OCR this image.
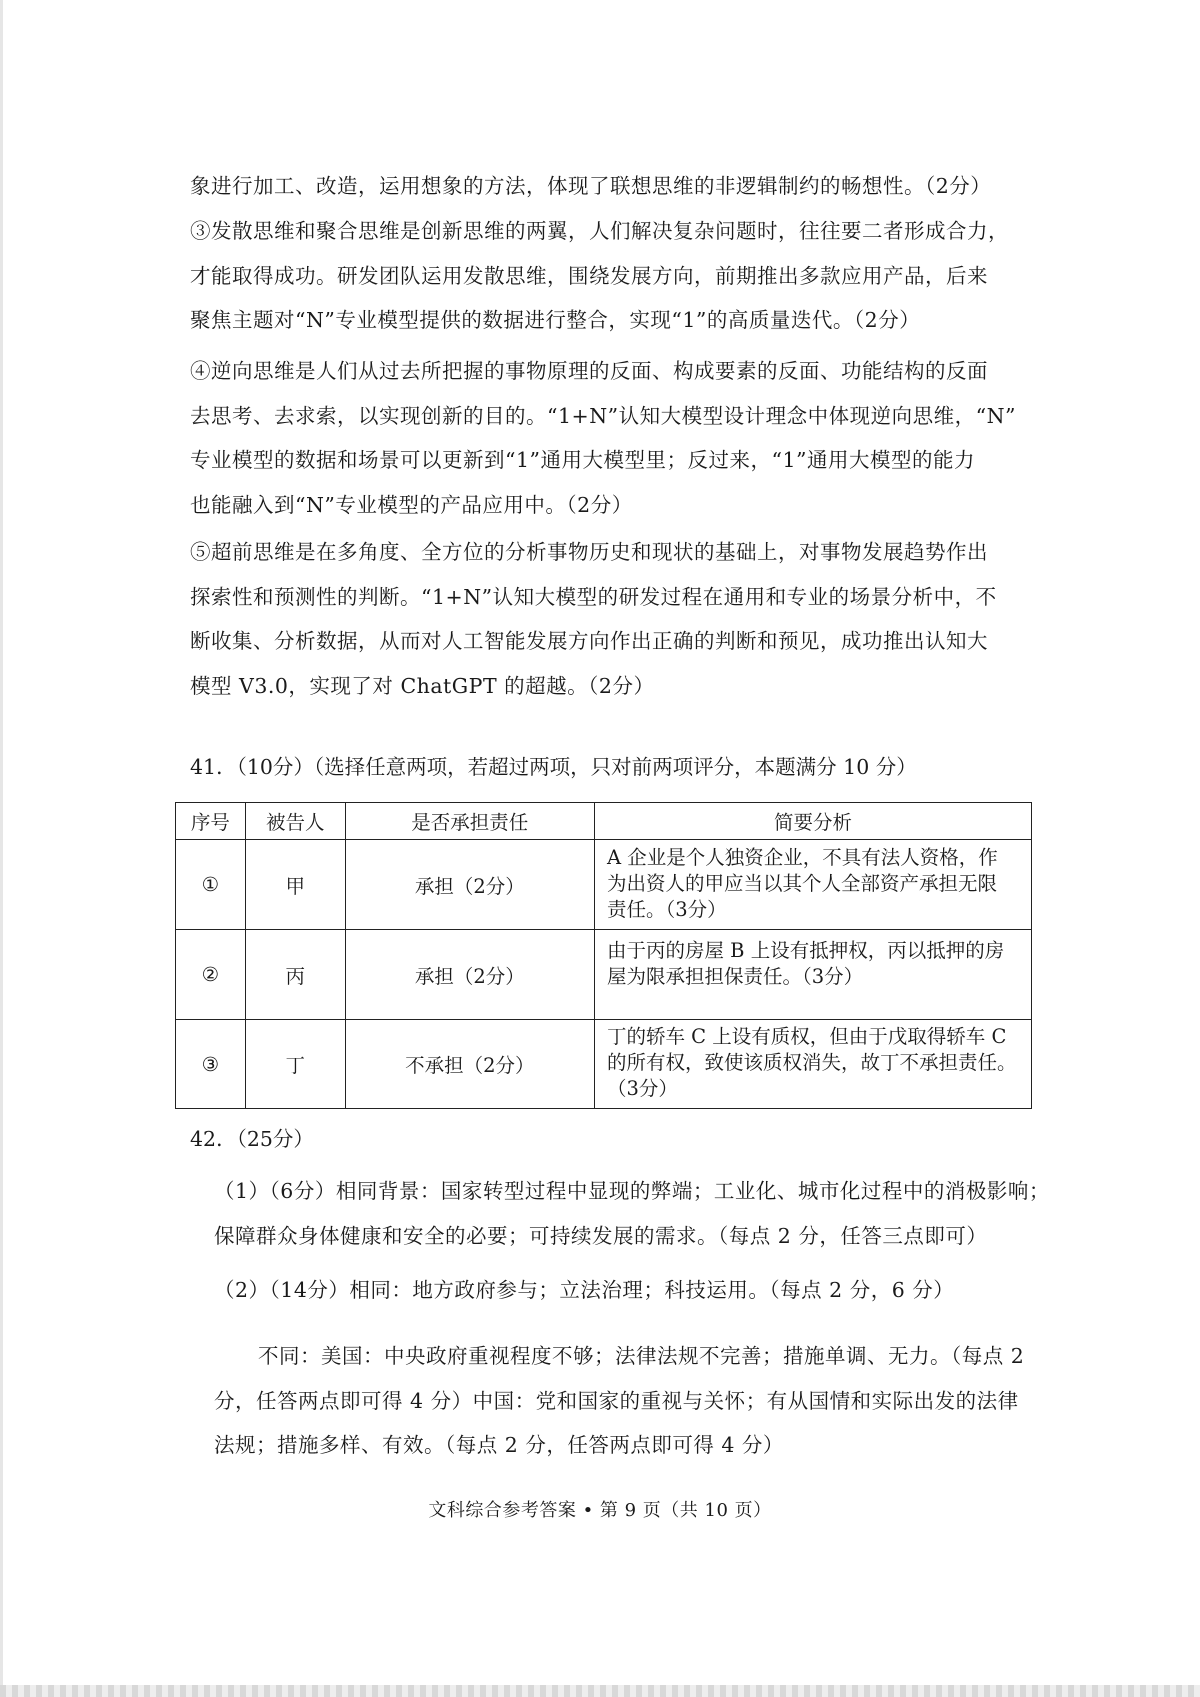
象进行加工、改造，运用想象的方法，体现了联想思维的非逻辑制约的畅想性。（2分）
③发散思维和聚合思维是创新思维的两翼，人们解决复杂问题时，往往要二者形成合力，
才能取得成功。研发团队运用发散思维，围绕发展方向，前期推出多款应用产品，后来
聚焦主题对“N”专业模型提供的数据进行整合，实现“1”的高质量迭代。（2分）
④逆向思维是人们从过去所把握的事物原理的反面、构成要素的反面、功能结构的反面
去思考、去求索，以实现创新的目的。“1+N”认知大模型设计理念中体现逆向思维，“N”
专业模型的数据和场景可以更新到“1”通用大模型里；反过来，“1”通用大模型的能力
也能融入到“N”专业模型的产品应用中。（2分）
⑤超前思维是在多角度、全方位的分析事物历史和现状的基础上，对事物发展趋势作出
探索性和预测性的判断。“1+N”认知大模型的研发过程在通用和专业的场景分析中，不
断收集、分析数据，从而对人工智能发展方向作出正确的判断和预见，成功推出认知大
模型 V3.0，实现了对 ChatGPT 的超越。（2分）

41．（10分）（选择任意两项，若超过两项，只对前两项评分，本题满分 10 分）

序号	被告人	是否承担责任	简要分析
①	甲	承担（2分）	A 企业是个人独资企业，不具有法人资格，作
为出资人的甲应当以其个人全部资产承担无限
责任。（3分）

②	丙	承担（2分）	由于丙的房屋 B 上设有抵押权，丙以抵押的房
屋为限承担担保责任。（3分）

③	丁	不承担（2分）	丁的轿车 C 上设有质权，但由于戊取得轿车 C
的所有权，致使该质权消失，故丁不承担责任。
（3分）

42．（25分）

（1）（6分）相同背景：国家转型过程中显现的弊端；工业化、城市化过程中的消极影响；
保障群众身体健康和安全的必要；可持续发展的需求。（每点 2 分，任答三点即可）
（2）（14分）相同：地方政府参与；立法治理；科技运用。（每点 2 分，6 分）
不同：美国：中央政府重视程度不够；法律法规不完善；措施单调、无力。（每点 2
分，任答两点即可得 4 分）中国：党和国家的重视与关怀；有从国情和实际出发的法律
法规；措施多样、有效。（每点 2 分，任答两点即可得 4 分）
文科综合参考答案 • 第 9 页（共 10 页）
